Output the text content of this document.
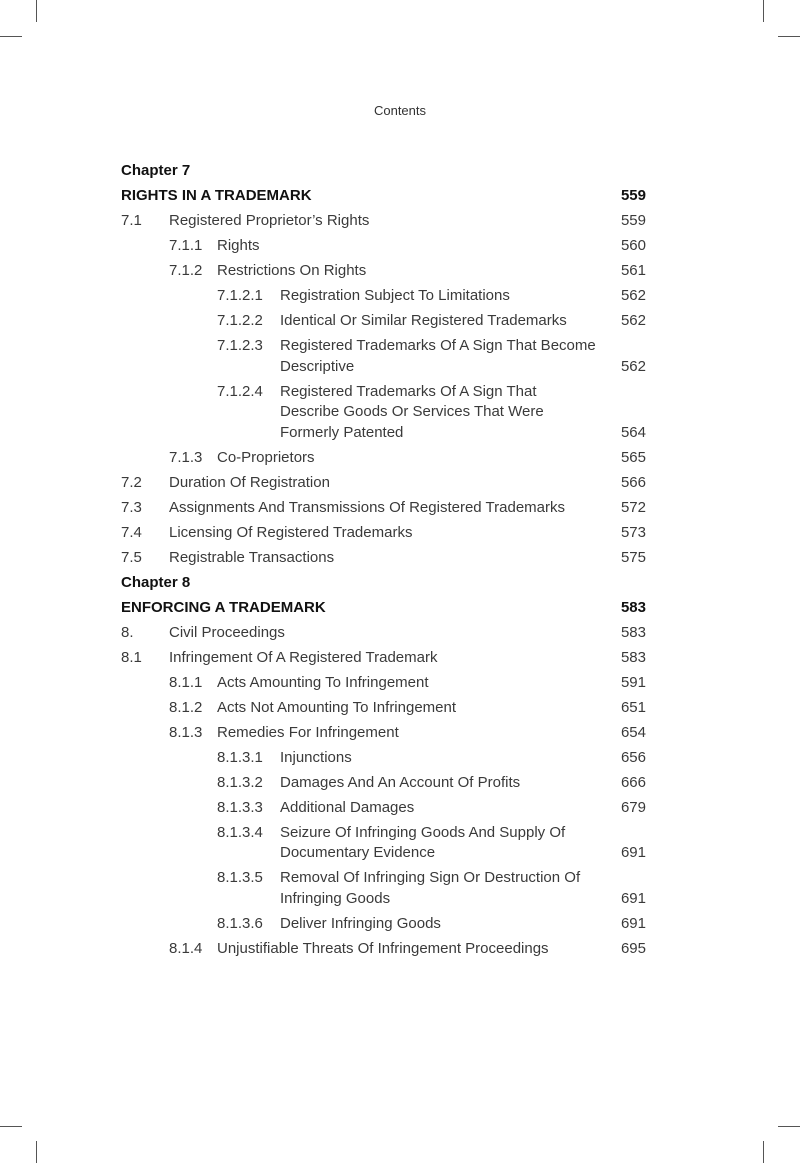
Contents
Chapter 7
RIGHTS IN A TRADEMARK	559
7.1 Registered Proprietor’s Rights	559
7.1.1 Rights	560
7.1.2 Restrictions On Rights	561
7.1.2.1 Registration Subject To Limitations	562
7.1.2.2 Identical Or Similar Registered Trademarks	562
7.1.2.3 Registered Trademarks Of A Sign That Become Descriptive	562
7.1.2.4 Registered Trademarks Of A Sign That Describe Goods Or Services That Were Formerly Patented	564
7.1.3 Co-Proprietors	565
7.2 Duration Of Registration	566
7.3 Assignments And Transmissions Of Registered Trademarks	572
7.4 Licensing Of Registered Trademarks	573
7.5 Registrable Transactions	575
Chapter 8
ENFORCING A TRADEMARK	583
8. Civil Proceedings	583
8.1 Infringement Of A Registered Trademark	583
8.1.1 Acts Amounting To Infringement	591
8.1.2 Acts Not Amounting To Infringement	651
8.1.3 Remedies For Infringement	654
8.1.3.1 Injunctions	656
8.1.3.2 Damages And An Account Of Profits	666
8.1.3.3 Additional Damages	679
8.1.3.4 Seizure Of Infringing Goods And Supply Of Documentary Evidence	691
8.1.3.5 Removal Of Infringing Sign Or Destruction Of Infringing Goods	691
8.1.3.6 Deliver Infringing Goods	691
8.1.4 Unjustifiable Threats Of Infringement Proceedings	695
